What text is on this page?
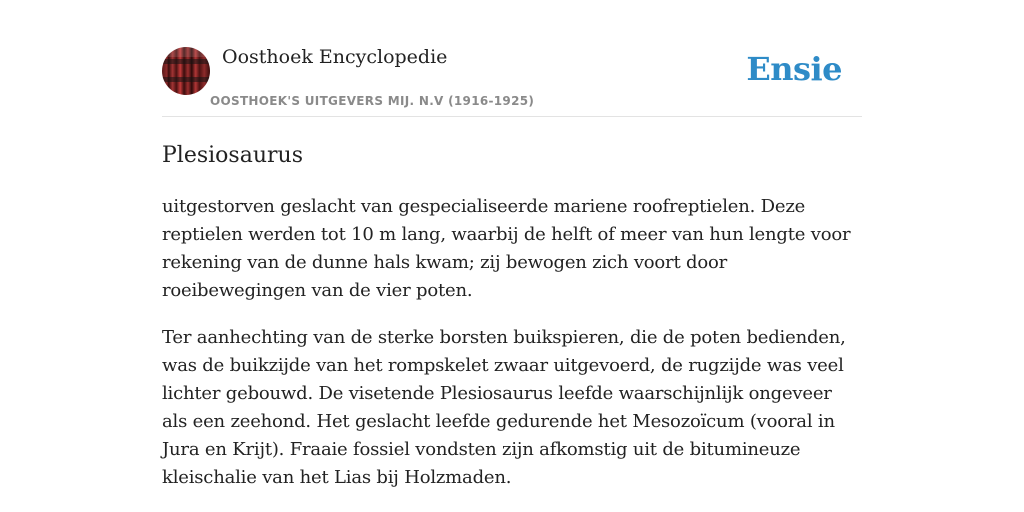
Oosthoek Encyclopedie

OOSTHOEK'S UITGEVERS MIJ. N.V (1916-1925)

Ensie
Plesiosaurus

uitgestorven geslacht van gespecialiseerde mariene roofreptielen. Deze reptielen werden tot 10 m lang, waarbij de helft of meer van hun lengte voor rekening van de dunne hals kwam; zij bewogen zich voort door roeibewegingen van de vier poten.

Ter aanhechting van de sterke borsten buikspieren, die de poten bedienden, was de buikzijde van het rompskelet zwaar uitgevoerd, de rugzijde was veel lichter gebouwd. De visetende Plesiosaurus leefde waarschijnlijk ongeveer als een zeehond. Het geslacht leefde gedurende het Mesozoïcum (vooral in Jura en Krijt). Fraaie fossiel vondsten zijn afkomstig uit de bitumineuze kleischalie van het Lias bij Holzmaden.
